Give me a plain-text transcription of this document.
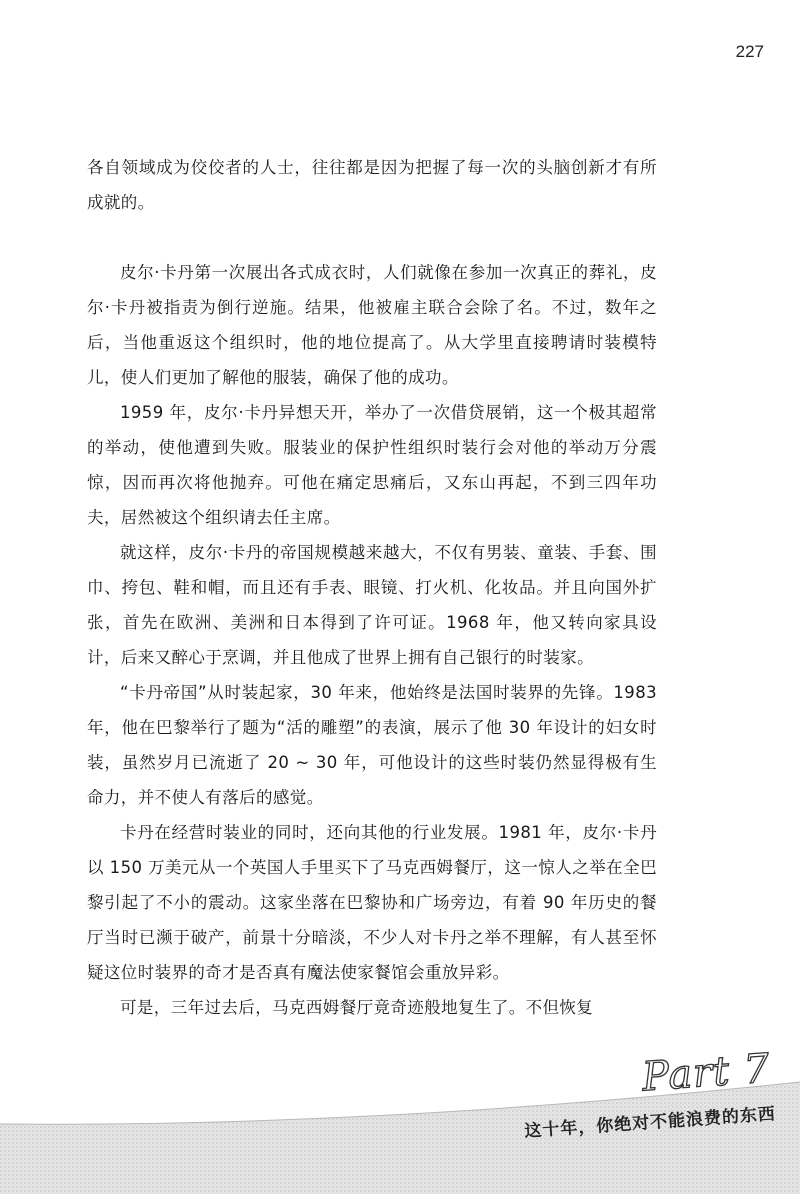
227

各自领域成为佼佼者的人士，往往都是因为把握了每一次的头脑创新才有所成就的。

皮尔·卡丹第一次展出各式成衣时，人们就像在参加一次真正的葬礼，皮尔·卡丹被指责为倒行逆施。结果，他被雇主联合会除了名。不过，数年之后，当他重返这个组织时，他的地位提高了。从大学里直接聘请时装模特儿，使人们更加了解他的服装，确保了他的成功。

1959 年，皮尔·卡丹异想天开，举办了一次借贷展销，这一个极其超常的举动，使他遭到失败。服装业的保护性组织时装行会对他的举动万分震惊，因而再次将他抛弃。可他在痛定思痛后，又东山再起，不到三四年功夫，居然被这个组织请去任主席。

就这样，皮尔·卡丹的帝国规模越来越大，不仅有男装、童装、手套、围巾、挎包、鞋和帽，而且还有手表、眼镜、打火机、化妆品。并且向国外扩张，首先在欧洲、美洲和日本得到了许可证。1968 年，他又转向家具设计，后来又醉心于烹调，并且他成了世界上拥有自己银行的时装家。

“卡丹帝国”从时装起家，30 年来，他始终是法国时装界的先锋。1983 年，他在巴黎举行了题为“活的雕塑”的表演，展示了他 30 年设计的妇女时装，虽然岁月已流逝了 20 ~ 30 年，可他设计的这些时装仍然显得极有生命力，并不使人有落后的感觉。

卡丹在经营时装业的同时，还向其他的行业发展。1981 年，皮尔·卡丹以 150 万美元从一个英国人手里买下了马克西姆餐厅，这一惊人之举在全巴黎引起了不小的震动。这家坐落在巴黎协和广场旁边，有着 90 年历史的餐厅当时已濒于破产，前景十分暗淡，不少人对卡丹之举不理解，有人甚至怀疑这位时装界的奇才是否真有魔法使家餐馆会重放异彩。

可是，三年过去后，马克西姆餐厅竟奇迹般地复生了。不但恢复

Part 7
这十年，你绝对不能浪费的东西
